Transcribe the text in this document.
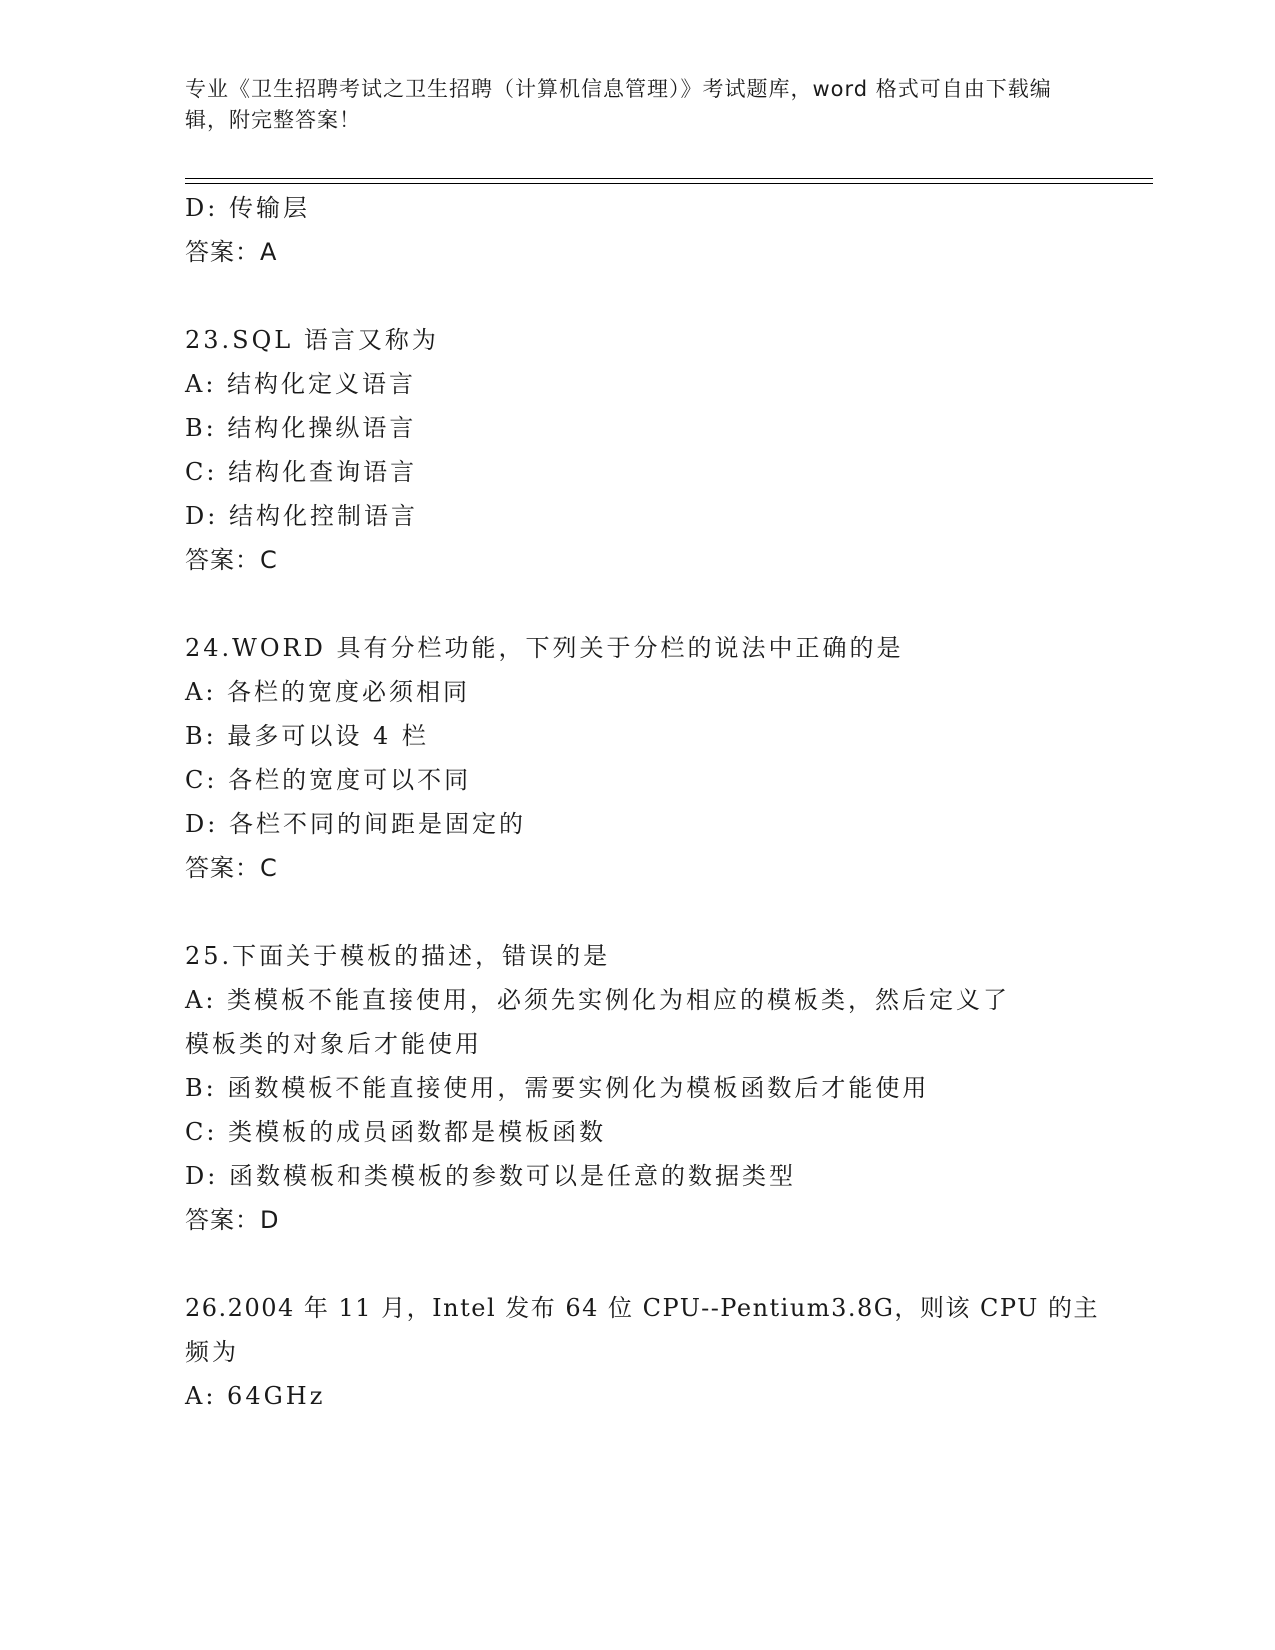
专业《卫生招聘考试之卫生招聘（计算机信息管理）》考试题库，word 格式可自由下载编辑，附完整答案！
D: 传输层
答案：A
23.SQL 语言又称为
A: 结构化定义语言
B: 结构化操纵语言
C: 结构化查询语言
D: 结构化控制语言
答案：C
24.WORD 具有分栏功能，下列关于分栏的说法中正确的是
A: 各栏的宽度必须相同
B: 最多可以设 4 栏
C: 各栏的宽度可以不同
D: 各栏不同的间距是固定的
答案：C
25.下面关于模板的描述，错误的是
A: 类模板不能直接使用，必须先实例化为相应的模板类，然后定义了
模板类的对象后才能使用
B: 函数模板不能直接使用，需要实例化为模板函数后才能使用
C: 类模板的成员函数都是模板函数
D: 函数模板和类模板的参数可以是任意的数据类型
答案：D
26.2004 年 11 月，Intel 发布 64 位 CPU--Pentium3.8G，则该 CPU 的主
频为
A: 64GHz
